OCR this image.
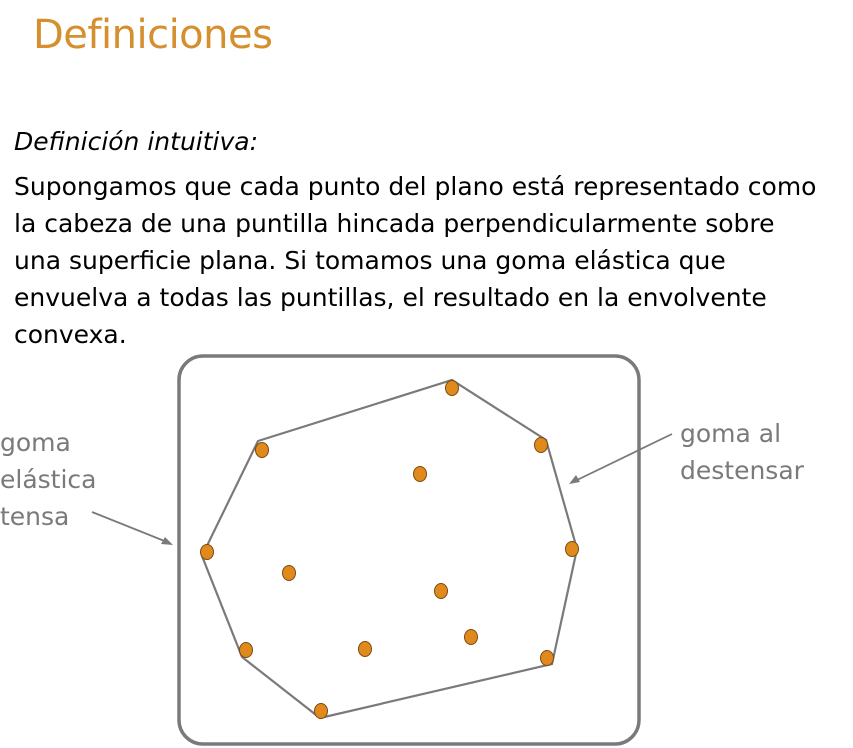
Definiciones
Definición intuitiva:
Supongamos que cada punto del plano está representado como
la cabeza de una puntilla hincada perpendicularmente sobre
una superficie plana. Si tomamos una goma elástica que
envuelva a todas las puntillas, el resultado en la envolvente
convexa.
goma
elástica
tensa
goma al
destensar
